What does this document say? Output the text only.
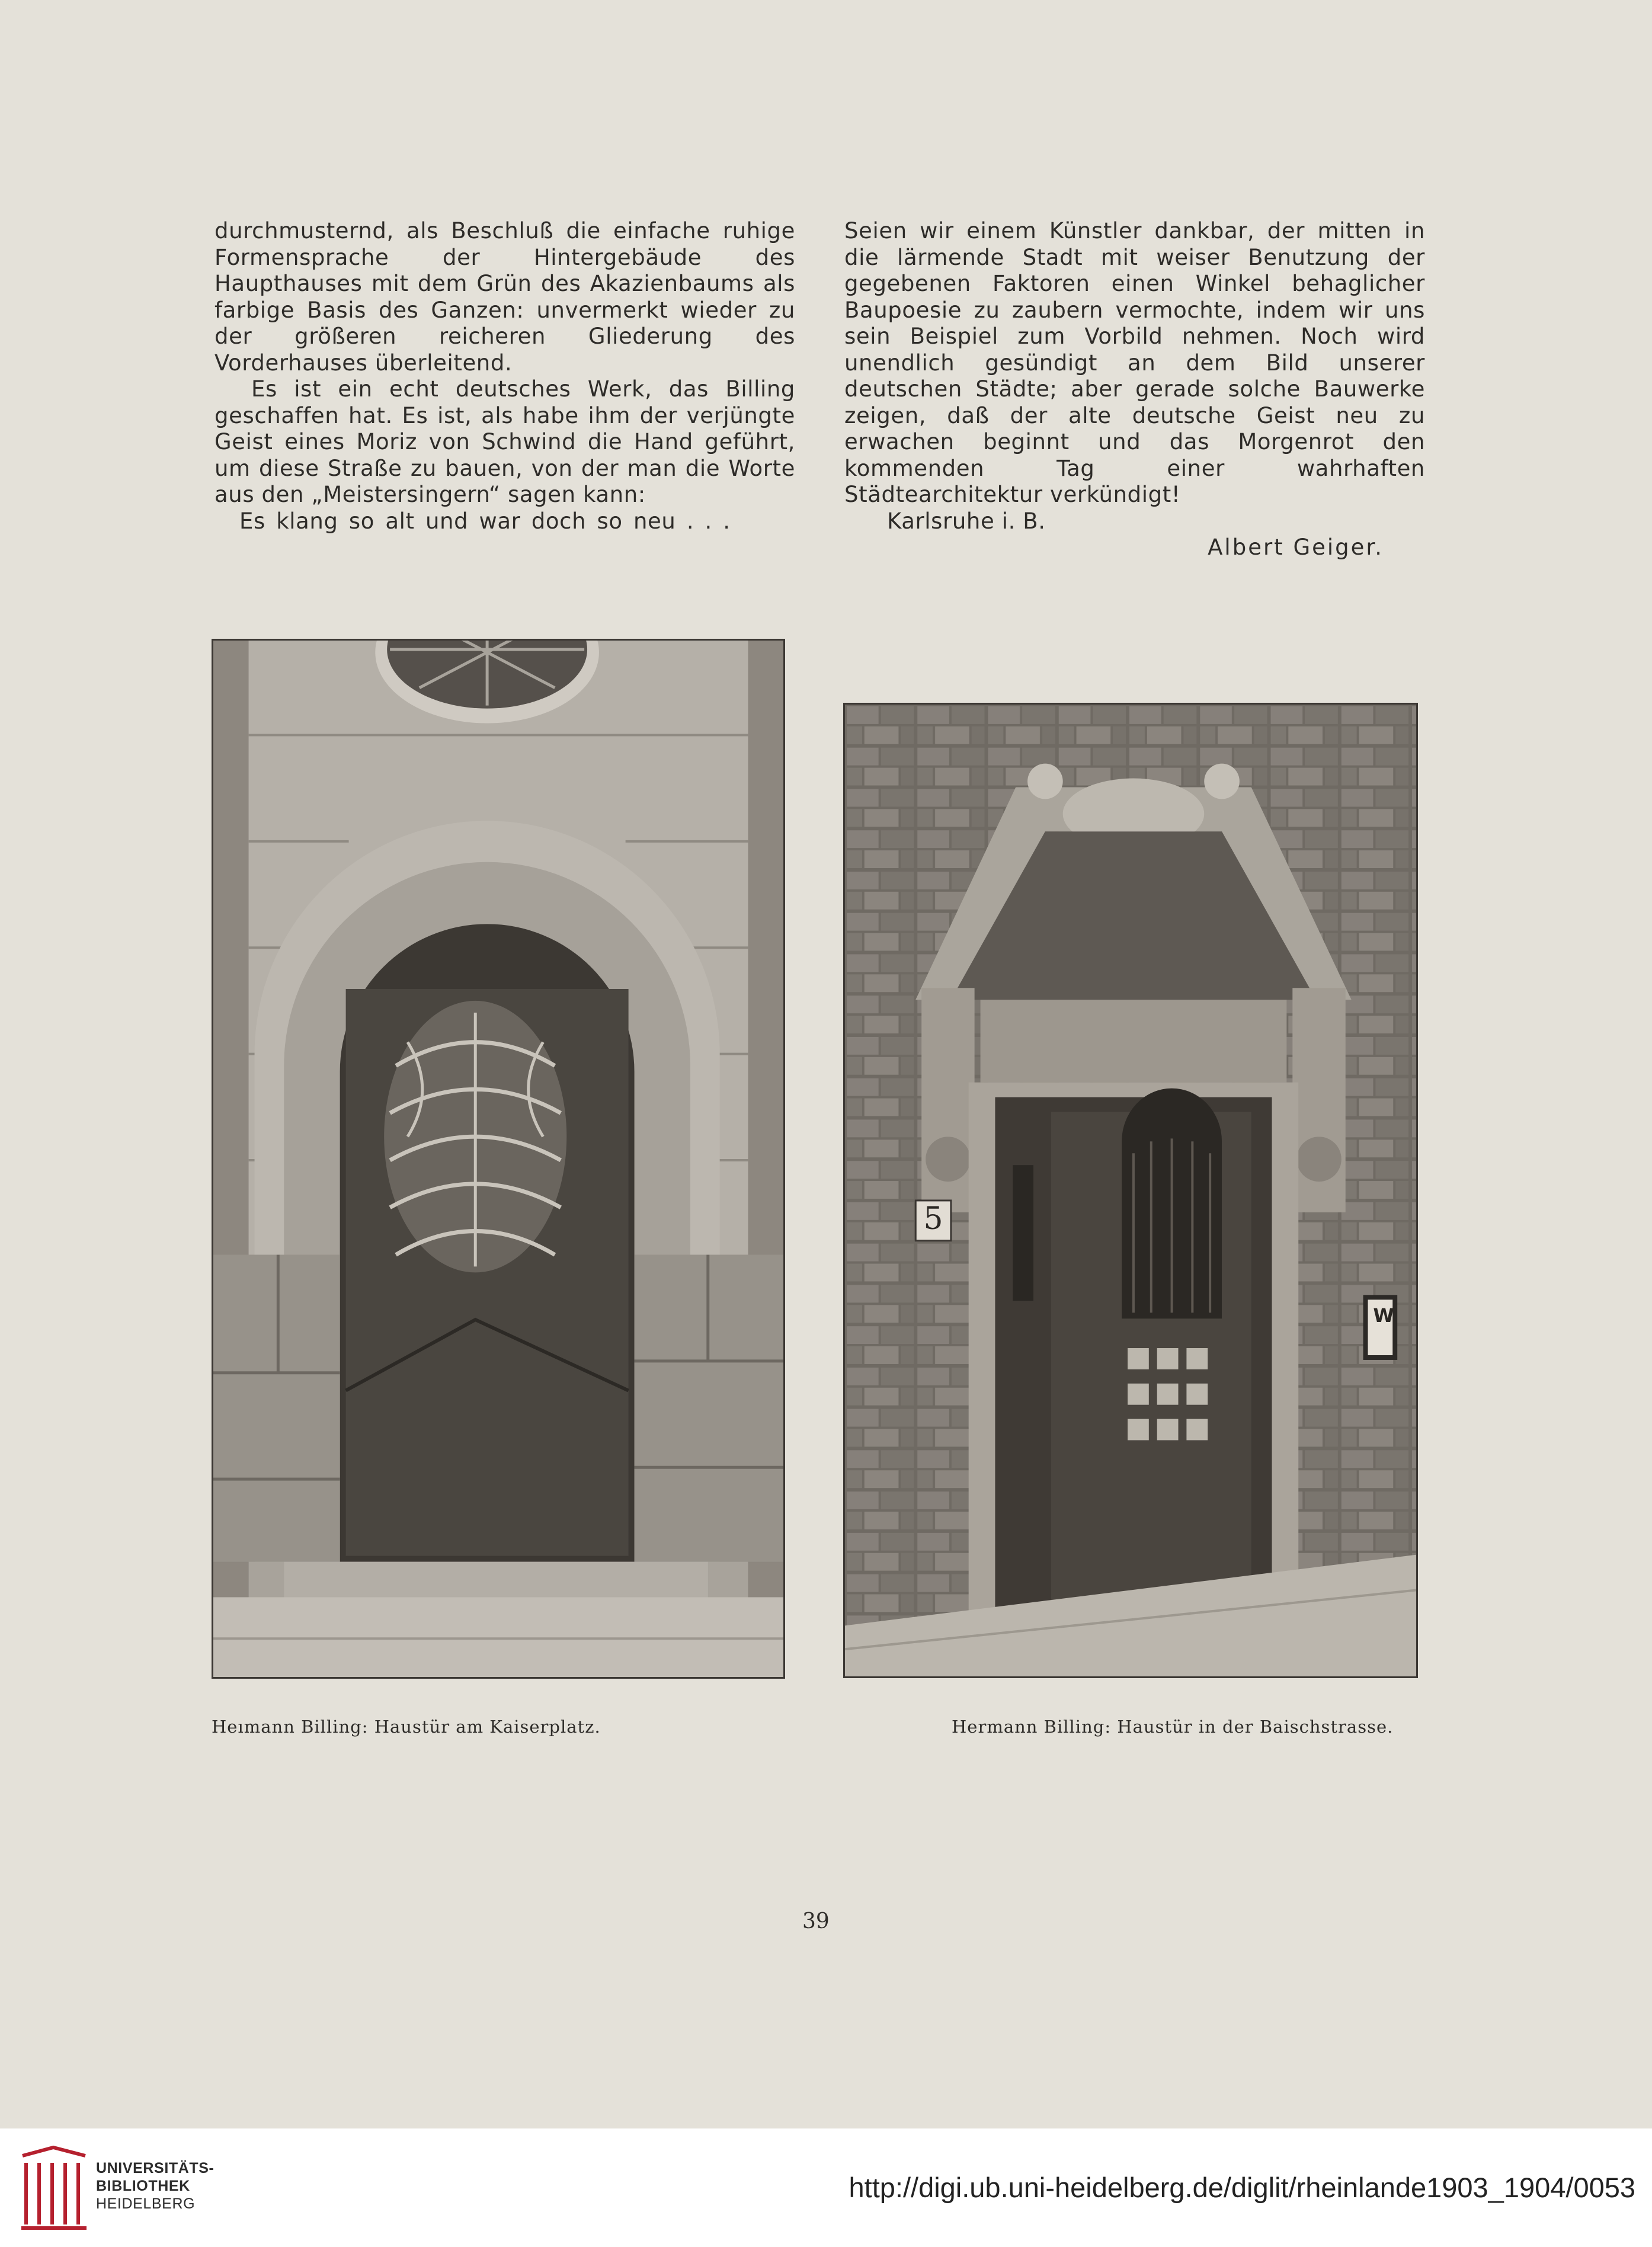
durchmusternd, als Beschluß die einfache ruhige Formensprache der Hintergebäude des Haupthauses mit dem Grün des Akazienbaums als farbige Basis des Ganzen: unvermerkt wieder zu der größeren reicheren Gliederung des Vorderhauses überleitend.

Es ist ein echt deutsches Werk, das Billing geschaffen hat. Es ist, als habe ihm der verjüngte Geist eines Moriz von Schwind die Hand geführt, um diese Straße zu bauen, von der man die Worte aus den „Meistersingern“ sagen kann:

Es klang so alt und war doch so neu . . .

Seien wir einem Künstler dankbar, der mitten in die lärmende Stadt mit weiser Benutzung der gegebenen Faktoren einen Winkel behaglicher Baupoesie zu zaubern vermochte, indem wir uns sein Beispiel zum Vorbild nehmen. Noch wird unendlich gesündigt an dem Bild unserer deutschen Städte; aber gerade solche Bauwerke zeigen, daß der alte deutsche Geist neu zu erwachen beginnt und das Morgenrot den kommenden Tag einer wahrhaften Städtearchitektur verkündigt!

Karlsruhe i. B.

Albert Geiger.

5
W
Heımann Billing: Haustür am Kaiserplatz.	Hermann Billing: Haustür in der Baischstrasse.
39
UNIVERSITÄTS-
BIBLIOTHEK
HEIDELBERG
http://digi.ub.uni-heidelberg.de/diglit/rheinlande1903_1904/0053
